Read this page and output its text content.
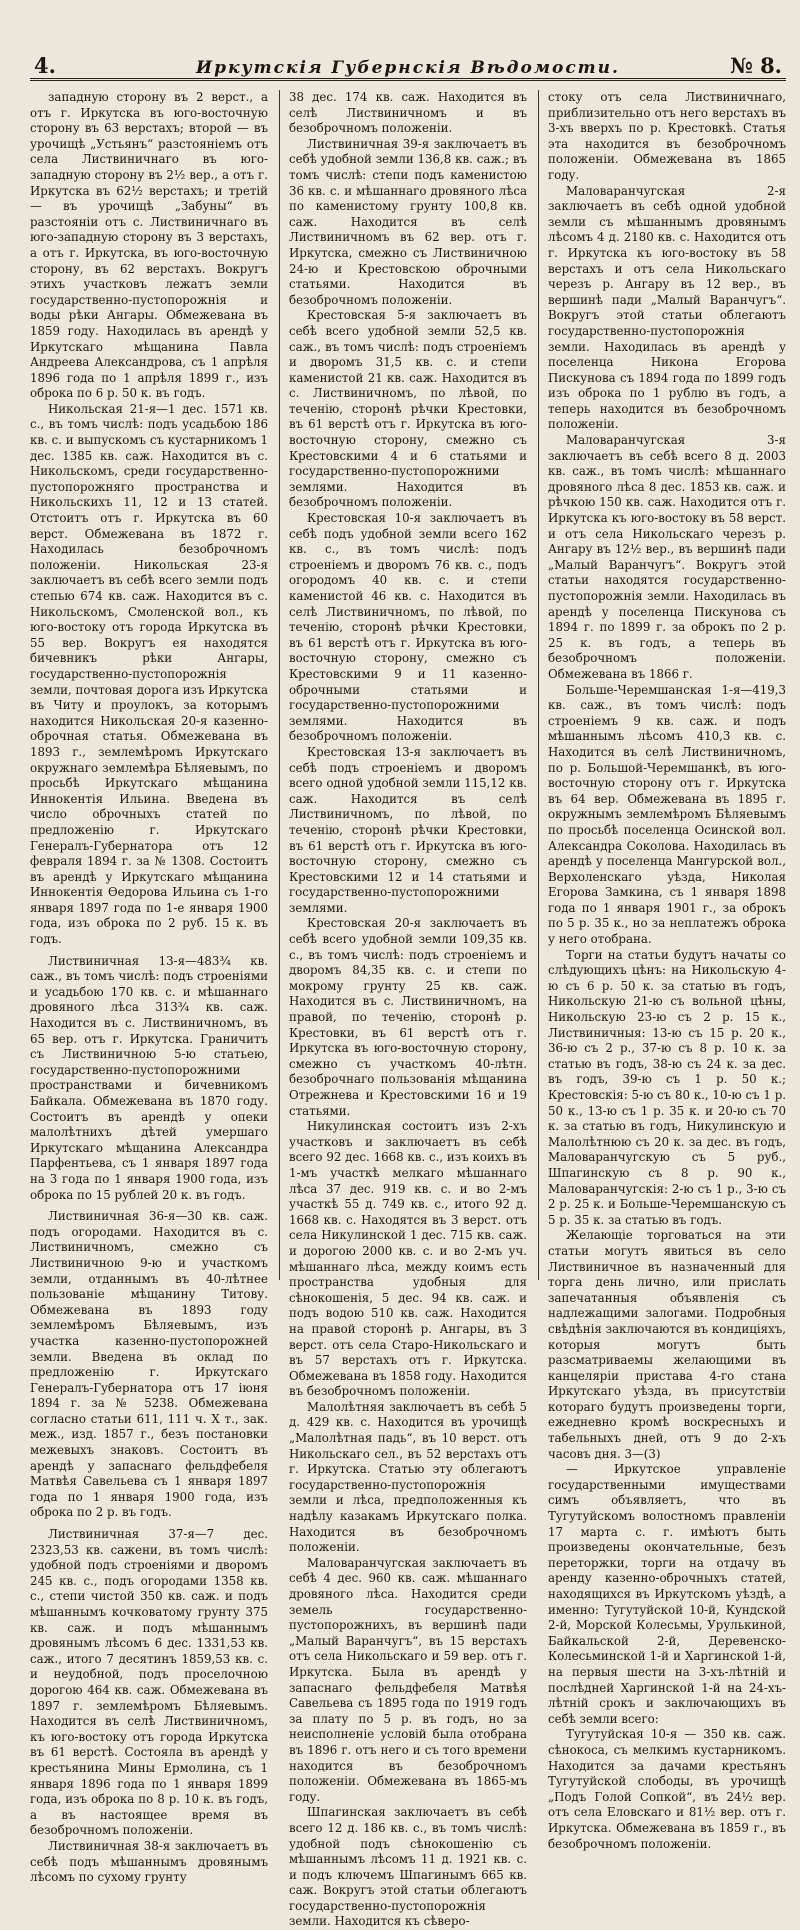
4.	Иркутскія Губернскія Вѣдомости.	№ 8.

западную сторону въ 2 верст., а отъ г. Иркутска въ юго-восточную сторону въ 63 верстахъ; второй — въ урочищѣ „Устьянъ“ разстояніемъ отъ села Листвиничнаго въ юго-западную сторону въ 2½ вер., а отъ г. Иркутска въ 62½ верстахъ; и третій — въ урочищѣ „Забуны“ въ разстояніи отъ с. Листвиничнаго въ юго-западную сторону въ 3 верстахъ, а отъ г. Иркутска, въ юго-восточную сторону, въ 62 верстахъ. Вокругъ этихъ участковъ лежатъ земли государственно-пустопорожнія и воды рѣки Ангары. Обмежевана въ 1859 году. Находилась въ арендѣ у Иркутскаго мѣщанина Павла Андреева Александрова, съ 1 апрѣля 1896 года по 1 апрѣля 1899 г., изъ оброка по 6 р. 50 к. въ годъ.

Никольская 21-я—1 дес. 1571 кв. с., въ томъ числѣ: подъ усадьбою 186 кв. с. и выпускомъ съ кустарникомъ 1 дес. 1385 кв. саж. Находится въ с. Никольскомъ, среди государственно-пустопорожняго пространства и Никольскихъ 11, 12 и 13 статей. Отстоитъ отъ г. Иркутска въ 60 верст. Обмежевана въ 1872 г. Находилась безоброчномъ положеніи. Никольская 23-я заключаетъ въ себѣ всего земли подъ степью 674 кв. саж. Находится въ с. Никольскомъ, Смоленской вол., къ юго-востоку отъ города Иркутска въ 55 вер. Вокругъ ея находятся бичевникъ рѣки Ангары, государственно-пустопорожнія земли, почтовая дорога изъ Иркутска въ Читу и проулокъ, за которымъ находится Никольская 20-я казенно-оброчная статья. Обмежевана въ 1893 г., землемѣромъ Иркутскаго окружнаго землемѣра Бѣляевымъ, по просьбѣ Иркутскаго мѣщанина Иннокентія Ильина. Введена въ число оброчныхъ статей по предложенію г. Иркутскаго Генералъ-Губернатора отъ 12 февраля 1894 г. за № 1308. Состоитъ въ арендѣ у Иркутскаго мѣщанина Иннокентія Ѳедорова Ильина съ 1-го января 1897 года по 1-е января 1900 года, изъ оброка по 2 руб. 15 к. въ годъ.

Листвиничная 13-я—483¾ кв. саж., въ томъ числѣ: подъ строеніями и усадьбою 170 кв. с. и мѣшаннаго дровяного лѣса 313¾ кв. саж. Находится въ с. Листвиничномъ, въ 65 вер. отъ г. Иркутска. Граничитъ съ Листвиничною 5-ю статьею, государственно-пустопорожними пространствами и бичевникомъ Байкала. Обмежевана въ 1870 году. Состоитъ въ арендѣ у опеки малолѣтнихъ дѣтей умершаго Иркутскаго мѣщанина Александра Парфентьева, съ 1 января 1897 года на 3 года по 1 января 1900 года, изъ оброка по 15 рублей 20 к. въ годъ.

Листвиничная 36-я—30 кв. саж. подъ огородами. Находится въ с. Листвиничномъ, смежно съ Листвиничною 9-ю и участкомъ земли, отданнымъ въ 40-лѣтнее пользованіе мѣщанину Титову. Обмежевана въ 1893 году землемѣромъ Бѣляевымъ, изъ участка казенно-пустопорожней земли. Введена въ оклад по предложенію г. Иркутскаго Генералъ-Губернатора отъ 17 іюня 1894 г. за № 5238. Обмежевана согласно статьи 611, 111 ч. X т., зак. меж., изд. 1857 г., безъ постановки межевыхъ знаковъ. Состоитъ въ арендѣ у запаснаго фельдфебеля Матвѣя Савельева съ 1 января 1897 года по 1 января 1900 года, изъ оброка по 2 р. въ годъ.

Листвиничная 37-я—7 дес. 2323,53 кв. сажени, въ томъ числѣ: удобной подъ строеніями и дворомъ 245 кв. с., подъ огородами 1358 кв. с., степи чистой 350 кв. саж. и подъ мѣшаннымъ кочковатому грунту 375 кв. саж. и подъ мѣшаннымъ дровянымъ лѣсомъ 6 дес. 1331,53 кв. саж., итого 7 десятинъ 1859,53 кв. с. и неудобной, подъ проселочною дорогою 464 кв. саж. Обмежевана въ 1897 г. землемѣромъ Бѣляевымъ. Находится въ селѣ Листвиничномъ, къ юго-востоку отъ города Иркутска въ 61 верстѣ. Состояла въ арендѣ у крестьянина Мины Ермолина, съ 1 января 1896 года по 1 января 1899 года, изъ оброка по 8 р. 10 к. въ годъ, а въ настоящее время въ безоброчномъ положеніи.

Листвиничная 38-я заключаетъ въ себѣ подъ мѣшаннымъ дровянымъ лѣсомъ по сухому грунту

38 дес. 174 кв. саж. Находится въ селѣ Листвиничномъ и въ безоброчномъ положеніи.

Листвиничная 39-я заключаетъ въ себѣ удобной земли 136,8 кв. саж.; въ томъ числѣ: степи подъ каменистою 36 кв. с. и мѣшаннаго дровяного лѣса по каменистому грунту 100,8 кв. саж. Находится въ селѣ Листвиничномъ въ 62 вер. отъ г. Иркутска, смежно съ Листвиничною 24-ю и Крестовскою оброчными статьями. Находится въ безоброчномъ положеніи.

Крестовская 5-я заключаетъ въ себѣ всего удобной земли 52,5 кв. саж., въ томъ числѣ: подъ строеніемъ и дворомъ 31,5 кв. с. и степи каменистой 21 кв. саж. Находится въ с. Листвиничномъ, по лѣвой, по теченію, сторонѣ рѣчки Крестовки, въ 61 верстѣ отъ г. Иркутска въ юго-восточную сторону, смежно съ Крестовскими 4 и 6 статьями и государственно-пустопорожними землями. Находится въ безоброчномъ положеніи.

Крестовская 10-я заключаетъ въ себѣ подъ удобной земли всего 162 кв. с., въ томъ числѣ: подъ строеніемъ и дворомъ 76 кв. с., подъ огородомъ 40 кв. с. и степи каменистой 46 кв. с. Находится въ селѣ Листвиничномъ, по лѣвой, по теченію, сторонѣ рѣчки Крестовки, въ 61 верстѣ отъ г. Иркутска въ юго-восточную сторону, смежно съ Крестовскими 9 и 11 казенно-оброчными статьями и государственно-пустопорожними землями. Находится въ безоброчномъ положеніи.

Крестовская 13-я заключаетъ въ себѣ подъ строеніемъ и дворомъ всего одной удобной земли 115,12 кв. саж. Находится въ селѣ Листвиничномъ, по лѣвой, по теченію, сторонѣ рѣчки Крестовки, въ 61 верстѣ отъ г. Иркутска въ юго-восточную сторону, смежно съ Крестовскими 12 и 14 статьями и государственно-пустопорожними землями.

Крестовская 20-я заключаетъ въ себѣ всего удобной земли 109,35 кв. с., въ томъ числѣ: подъ строеніемъ и дворомъ 84,35 кв. с. и степи по мокрому грунту 25 кв. саж. Находится въ с. Листвиничномъ, на правой, по теченію, сторонѣ р. Крестовки, въ 61 верстѣ отъ г. Иркутска въ юго-восточную сторону, смежно съ участкомъ 40-лѣтн. безоброчнаго пользованія мѣщанина Отрежнева и Крестовскими 16 и 19 статьями.

Никулинская состоитъ изъ 2-хъ участковъ и заключаетъ въ себѣ всего 92 дес. 1668 кв. с., изъ коихъ въ 1-мъ участкѣ мелкаго мѣшаннаго лѣса 37 дес. 919 кв. с. и во 2-мъ участкѣ 55 д. 749 кв. с., итого 92 д. 1668 кв. с. Находятся въ 3 верст. отъ села Никулинской 1 дес. 715 кв. саж. и дорогою 2000 кв. с. и во 2-мъ уч. мѣшаннаго лѣса, между коимъ есть пространства удобныя для сѣнокошенія, 5 дес. 94 кв. саж. и подъ водою 510 кв. саж. Находится на правой сторонѣ р. Ангары, въ 3 верст. отъ села Старо-Никольскаго и въ 57 верстахъ отъ г. Иркутска. Обмежевана въ 1858 году. Находится въ безоброчномъ положеніи.

Малолѣтняя заключаетъ въ себѣ 5 д. 429 кв. с. Находится въ урочищѣ „Малолѣтная падь“, въ 10 верст. отъ Никольскаго сел., въ 52 верстахъ отъ г. Иркутска. Статью эту облегаютъ государственно-пустопорожнія земли и лѣса, предположенныя къ надѣлу казакамъ Иркутскаго полка. Находится въ безоброчномъ положеніи.

Маловаранчугская заключаетъ въ себѣ 4 дес. 960 кв. саж. мѣшаннаго дровяного лѣса. Находится среди земель государственно-пустопорожнихъ, въ вершинѣ пади „Малый Варанчугъ“, въ 15 верстахъ отъ села Никольскаго и 59 вер. отъ г. Иркутска. Была въ арендѣ у запаснаго фельдфебеля Матвѣя Савельева съ 1895 года по 1919 годъ за плату по 5 р. въ годъ, но за неисполненіе условій была отобрана въ 1896 г. отъ него и съ того времени находится въ безоброчномъ положеніи. Обмежевана въ 1865-мъ году.

Шпагинская заключаетъ въ себѣ всего 12 д. 186 кв. с., въ томъ числѣ: удобной подъ сѣнокошенію съ мѣшаннымъ лѣсомъ 11 д. 1921 кв. с. и подъ ключемъ Шпагинымъ 665 кв. саж. Вокругъ этой статьи облегаютъ государственно-пустопорожнія земли. Находится къ сѣверо-

стоку отъ села Листвиничнаго, приблизительно отъ него верстахъ въ 3-хъ вверхъ по р. Крестовкѣ. Статья эта находится въ безоброчномъ положеніи. Обмежевана въ 1865 году.

Маловаранчугская 2-я заключаетъ въ себѣ одной удобной земли съ мѣшаннымъ дровянымъ лѣсомъ 4 д. 2180 кв. с. Находится отъ г. Иркутска къ юго-востоку въ 58 верстахъ и отъ села Никольскаго черезъ р. Ангару въ 12 вер., въ вершинѣ пади „Малый Варанчугъ“. Вокругъ этой статьи облегаютъ государственно-пустопорожнія земли. Находилась въ арендѣ у поселенца Никона Егорова Пискунова съ 1894 года по 1899 годъ изъ оброка по 1 рублю въ годъ, а теперь находится въ безоброчномъ положеніи.

Маловаранчугская 3-я заключаетъ въ себѣ всего 8 д. 2003 кв. саж., въ томъ числѣ: мѣшаннаго дровяного лѣса 8 дес. 1853 кв. саж. и рѣчкою 150 кв. саж. Находится отъ г. Иркутска къ юго-востоку въ 58 верст. и отъ села Никольскаго черезъ р. Ангару въ 12½ вер., въ вершинѣ пади „Малый Варанчугъ“. Вокругъ этой статьи находятся государственно-пустопорожнія земли. Находилась въ арендѣ у поселенца Пискунова съ 1894 г. по 1899 г. за оброкъ по 2 р. 25 к. въ годъ, а теперь въ безоброчномъ положеніи. Обмежевана въ 1866 г.

Больше-Черемшанская 1-я—419,3 кв. саж., въ томъ числѣ: подъ строеніемъ 9 кв. саж. и подъ мѣшаннымъ лѣсомъ 410,3 кв. с. Находится въ селѣ Листвиничномъ, по р. Большой-Черемшанкѣ, въ юго-восточную сторону отъ г. Иркутска въ 64 вер. Обмежевана въ 1895 г. окружнымъ землемѣромъ Бѣляевымъ по просьбѣ поселенца Осинской вол. Александра Соколова. Находилась въ арендѣ у поселенца Мангурской вол., Верхоленскаго уѣзда, Николая Егорова Замкина, съ 1 января 1898 года по 1 января 1901 г., за оброкъ по 5 р. 35 к., но за неплатежъ оброка у него отобрана.

Торги на статьи будутъ начаты со слѣдующихъ цѣнъ: на Никольскую 4-ю съ 6 р. 50 к. за статью въ годъ, Никольскую 21-ю съ вольной цѣны, Никольскую 23-ю съ 2 р. 15 к., Листвиничныя: 13-ю съ 15 р. 20 к., 36-ю съ 2 р., 37-ю съ 8 р. 10 к. за статью въ годъ, 38-ю съ 24 к. за дес. въ годъ, 39-ю съ 1 р. 50 к.; Крестовскія: 5-ю съ 80 к., 10-ю съ 1 р. 50 к., 13-ю съ 1 р. 35 к. и 20-ю съ 70 к. за статью въ годъ, Никулинскую и Малолѣтнюю съ 20 к. за дес. въ годъ, Маловаранчугскую съ 5 руб., Шпагинскую съ 8 р. 90 к., Маловаранчугскія: 2-ю съ 1 р., 3-ю съ 2 р. 25 к. и Больше-Черемшанскую съ 5 р. 35 к. за статью въ годъ.

Желающіе торговаться на эти статьи могутъ явиться въ село Листвиничное въ назначенный для торга день лично, или прислать запечатанныя объявленія съ надлежащими залогами. Подробныя свѣдѣнія заключаются въ кондиціяхъ, которыя могутъ быть разсматриваемы желающими въ канцеляріи пристава 4-го стана Иркутскаго уѣзда, въ присутствіи котораго будутъ произведены торги, ежедневно кромѣ воскресныхъ и табельныхъ дней, отъ 9 до 2-хъ часовъ дня. 3—(3)

— Иркутское управленіе государственными имуществами симъ объявляетъ, что въ Тугутуйскомъ волостномъ правленіи 17 марта с. г. имѣютъ быть произведены окончательные, безъ переторжки, торги на отдачу въ аренду казенно-оброчныхъ статей, находящихся въ Иркутскомъ уѣздѣ, а именно: Тугутуйской 10-й, Кундской 2-й, Морской Колесьмы, Урулькиной, Байкальской 2-й, Деревенско-Колесьминской 1-й и Харгинской 1-й, на первыя шести на 3-хъ-лѣтній и послѣдней Харгинской 1-й на 24-хъ-лѣтній срокъ и заключающихъ въ себѣ земли всего:

Тугутуйская 10-я — 350 кв. саж. сѣнокоса, съ мелкимъ кустарникомъ. Находится за дачами крестьянъ Тугутуйской слободы, въ урочищѣ „Подъ Голой Сопкой“, въ 24½ вер. отъ села Еловскаго и 81½ вер. отъ г. Иркутска. Обмежевана въ 1859 г., въ безоброчномъ положеніи.
